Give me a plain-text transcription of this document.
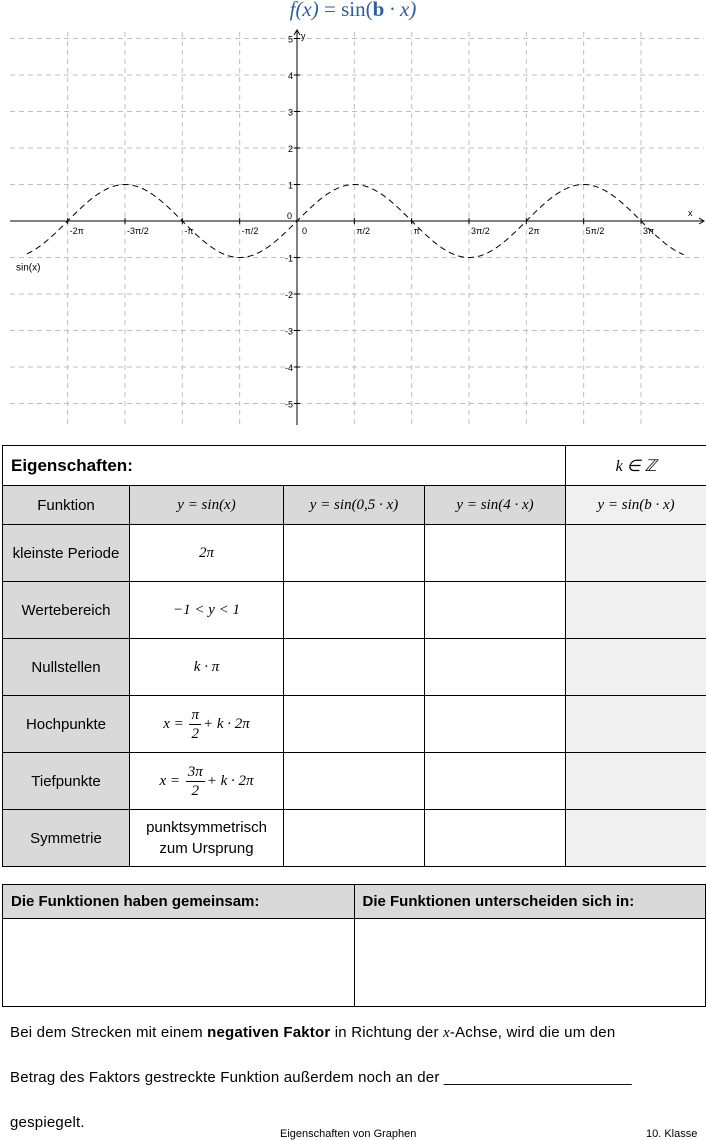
f(x) = sin(b · x)
-2π	-3π/2	-π	-π/2	0	π/2	π	3π/2	2π	5π/2	3π
5
4
3
2
1
0
-1
-2
-3
-4
-5
sin(x)
x
y
Eigenschaften:				k ∈ ℤ
Funktion	y = sin(x)	y = sin(0,5 · x)	y = sin(4 · x)	y = sin(b · x)
kleinste Periode	2π			
Wertebereich	−1 < y < 1			
Nullstellen	k · π			
Hochpunkte	$x = \frac{\pi}{2} + k \cdot 2\pi$			
Tiefpunkte	$x = \frac{3\pi}{2} + k \cdot 2\pi$			
Symmetrie	punktsymmetrisch
zum Ursprung			
Die Funktionen haben gemeinsam:	Die Funktionen unterscheiden sich in:

Bei dem Strecken mit einem negativen Faktor in Richtung der x-Achse, wird die um den
Betrag des Faktors gestreckte Funktion außerdem noch an der ______________________
gespiegelt.
Eigenschaften von Graphen	10. Klasse
